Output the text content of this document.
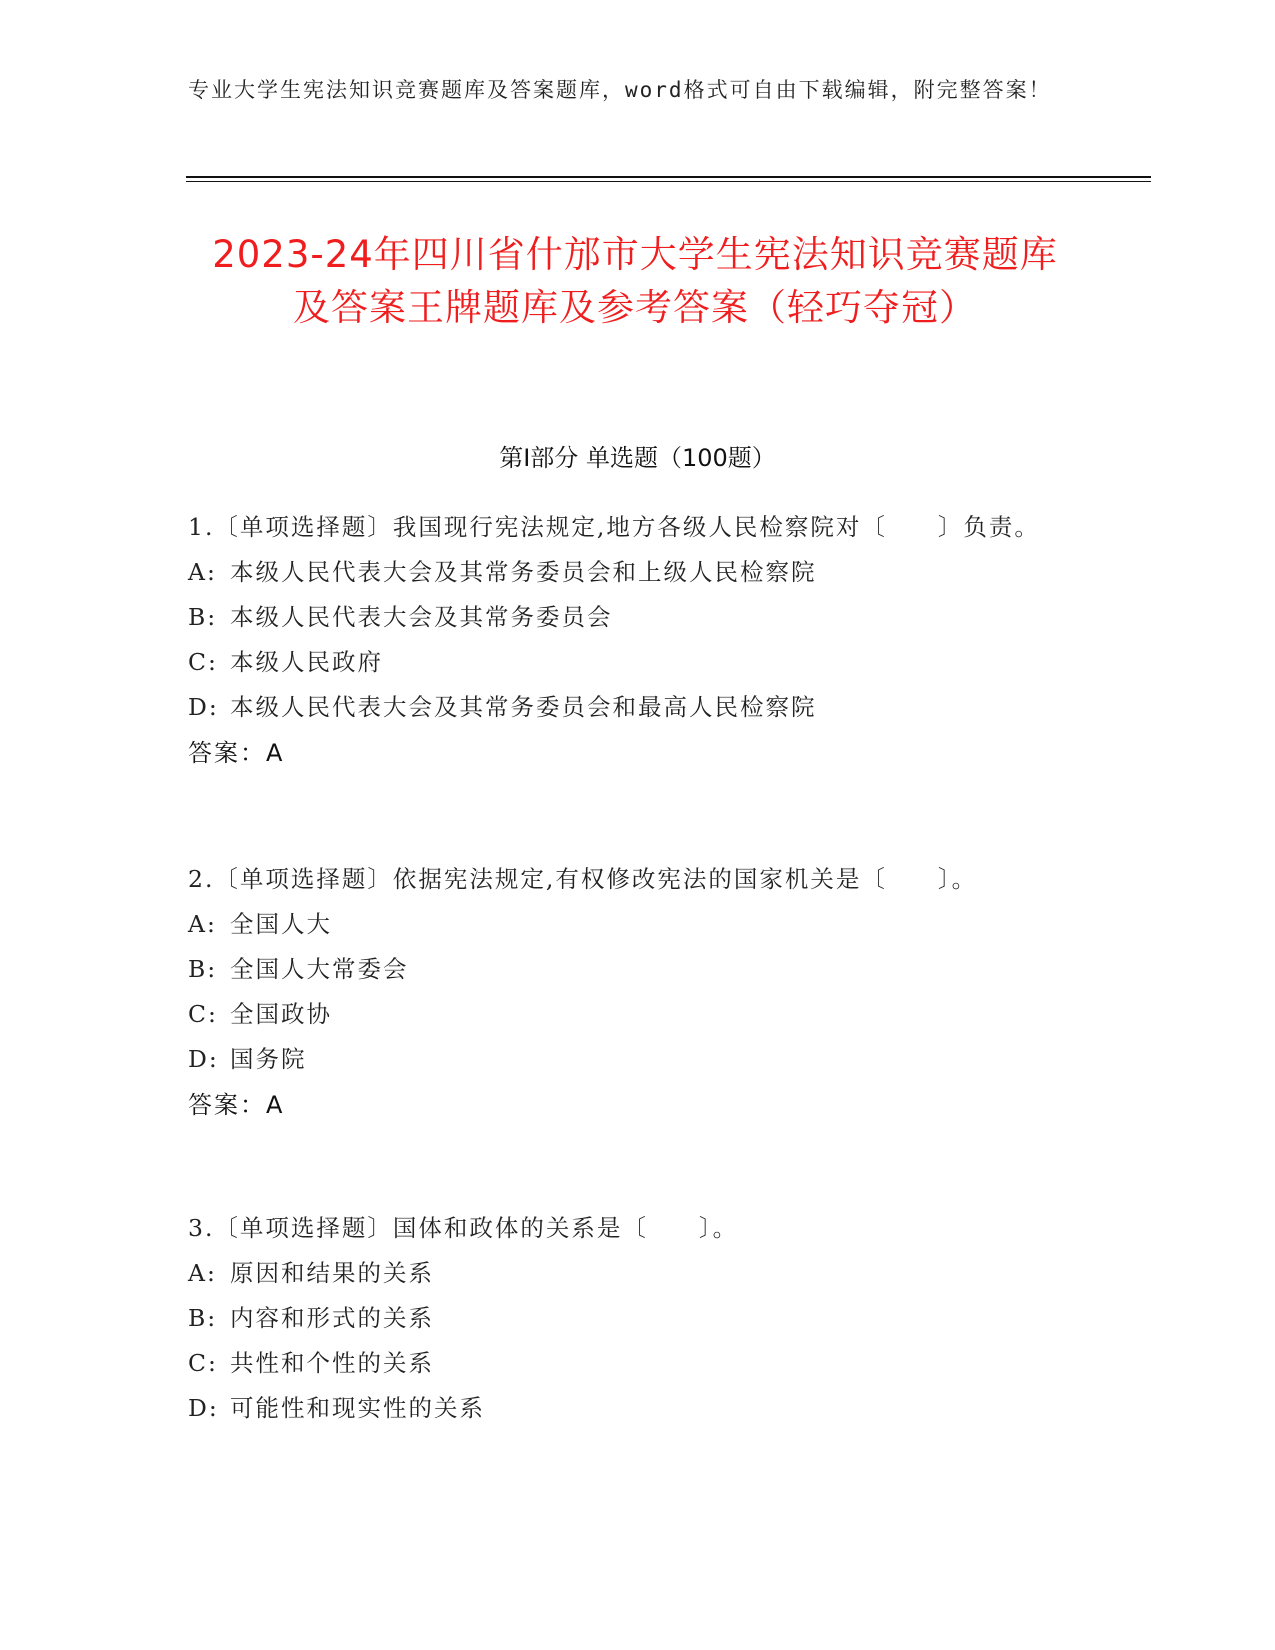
专业大学生宪法知识竞赛题库及答案题库，word格式可自由下载编辑，附完整答案！
2023-24年四川省什邡市大学生宪法知识竞赛题库及答案王牌题库及参考答案（轻巧夺冠）
第Ⅰ部分 单选题（100题）
1.〔单项选择题〕我国现行宪法规定,地方各级人民检察院对〔　　〕负责。
A: 本级人民代表大会及其常务委员会和上级人民检察院
B: 本级人民代表大会及其常务委员会
C: 本级人民政府
D: 本级人民代表大会及其常务委员会和最高人民检察院
答案：A
2.〔单项选择题〕依据宪法规定,有权修改宪法的国家机关是〔　　〕。
A: 全国人大
B: 全国人大常委会
C: 全国政协
D: 国务院
答案：A
3.〔单项选择题〕国体和政体的关系是〔　　〕。
A: 原因和结果的关系
B: 内容和形式的关系
C: 共性和个性的关系
D: 可能性和现实性的关系
